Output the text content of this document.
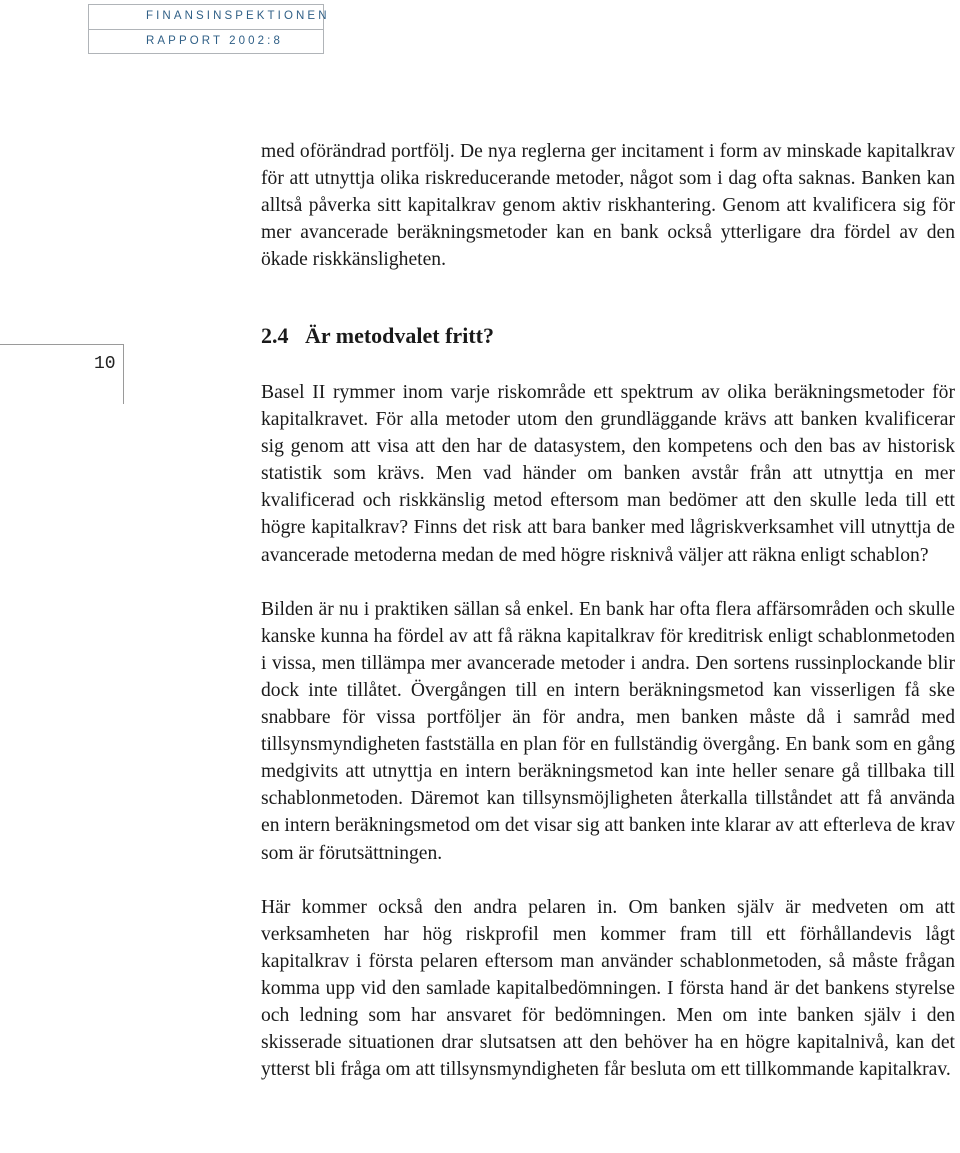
FINANSINSPEKTIONEN
RAPPORT 2002:8
10

med oförändrad portfölj. De nya reglerna ger incitament i form av minskade kapitalkrav för att utnyttja olika riskreducerande metoder, något som i dag ofta saknas. Banken kan alltså påverka sitt kapitalkrav genom aktiv riskhantering. Genom att kvalificera sig för mer avancerade beräkningsmetoder kan en bank också ytterligare dra fördel av den ökade riskkänsligheten.

2.4 Är metodvalet fritt?

Basel II rymmer inom varje riskområde ett spektrum av olika beräkningsmetoder för kapitalkravet. För alla metoder utom den grundläggande krävs att banken kvalificerar sig genom att visa att den har de datasystem, den kompetens och den bas av historisk statistik som krävs. Men vad händer om banken avstår från att utnyttja en mer kvalificerad och riskkänslig metod eftersom man bedömer att den skulle leda till ett högre kapitalkrav? Finns det risk att bara banker med lågriskverksamhet vill utnyttja de avancerade metoderna medan de med högre risknivå väljer att räkna enligt schablon?

Bilden är nu i praktiken sällan så enkel. En bank har ofta flera affärsområden och skulle kanske kunna ha fördel av att få räkna kapitalkrav för kreditrisk enligt schablonmetoden i vissa, men tillämpa mer avancerade metoder i andra. Den sortens russinplockande blir dock inte tillåtet. Övergången till en intern beräkningsmetod kan visserligen få ske snabbare för vissa portföljer än för andra, men banken måste då i samråd med tillsynsmyndigheten fastställa en plan för en fullständig övergång. En bank som en gång medgivits att utnyttja en intern beräkningsmetod kan inte heller senare gå tillbaka till schablonmetoden. Däremot kan tillsynsmöjligheten återkalla tillståndet att få använda en intern beräkningsmetod om det visar sig att banken inte klarar av att efterleva de krav som är förutsättningen.

Här kommer också den andra pelaren in. Om banken själv är medveten om att verksamheten har hög riskprofil men kommer fram till ett förhållandevis lågt kapitalkrav i första pelaren eftersom man använder schablonmetoden, så måste frågan komma upp vid den samlade kapitalbedömningen. I första hand är det bankens styrelse och ledning som har ansvaret för bedömningen. Men om inte banken själv i den skisserade situationen drar slutsatsen att den behöver ha en högre kapitalnivå, kan det ytterst bli fråga om att tillsynsmyndigheten får besluta om ett tillkommande kapitalkrav.
